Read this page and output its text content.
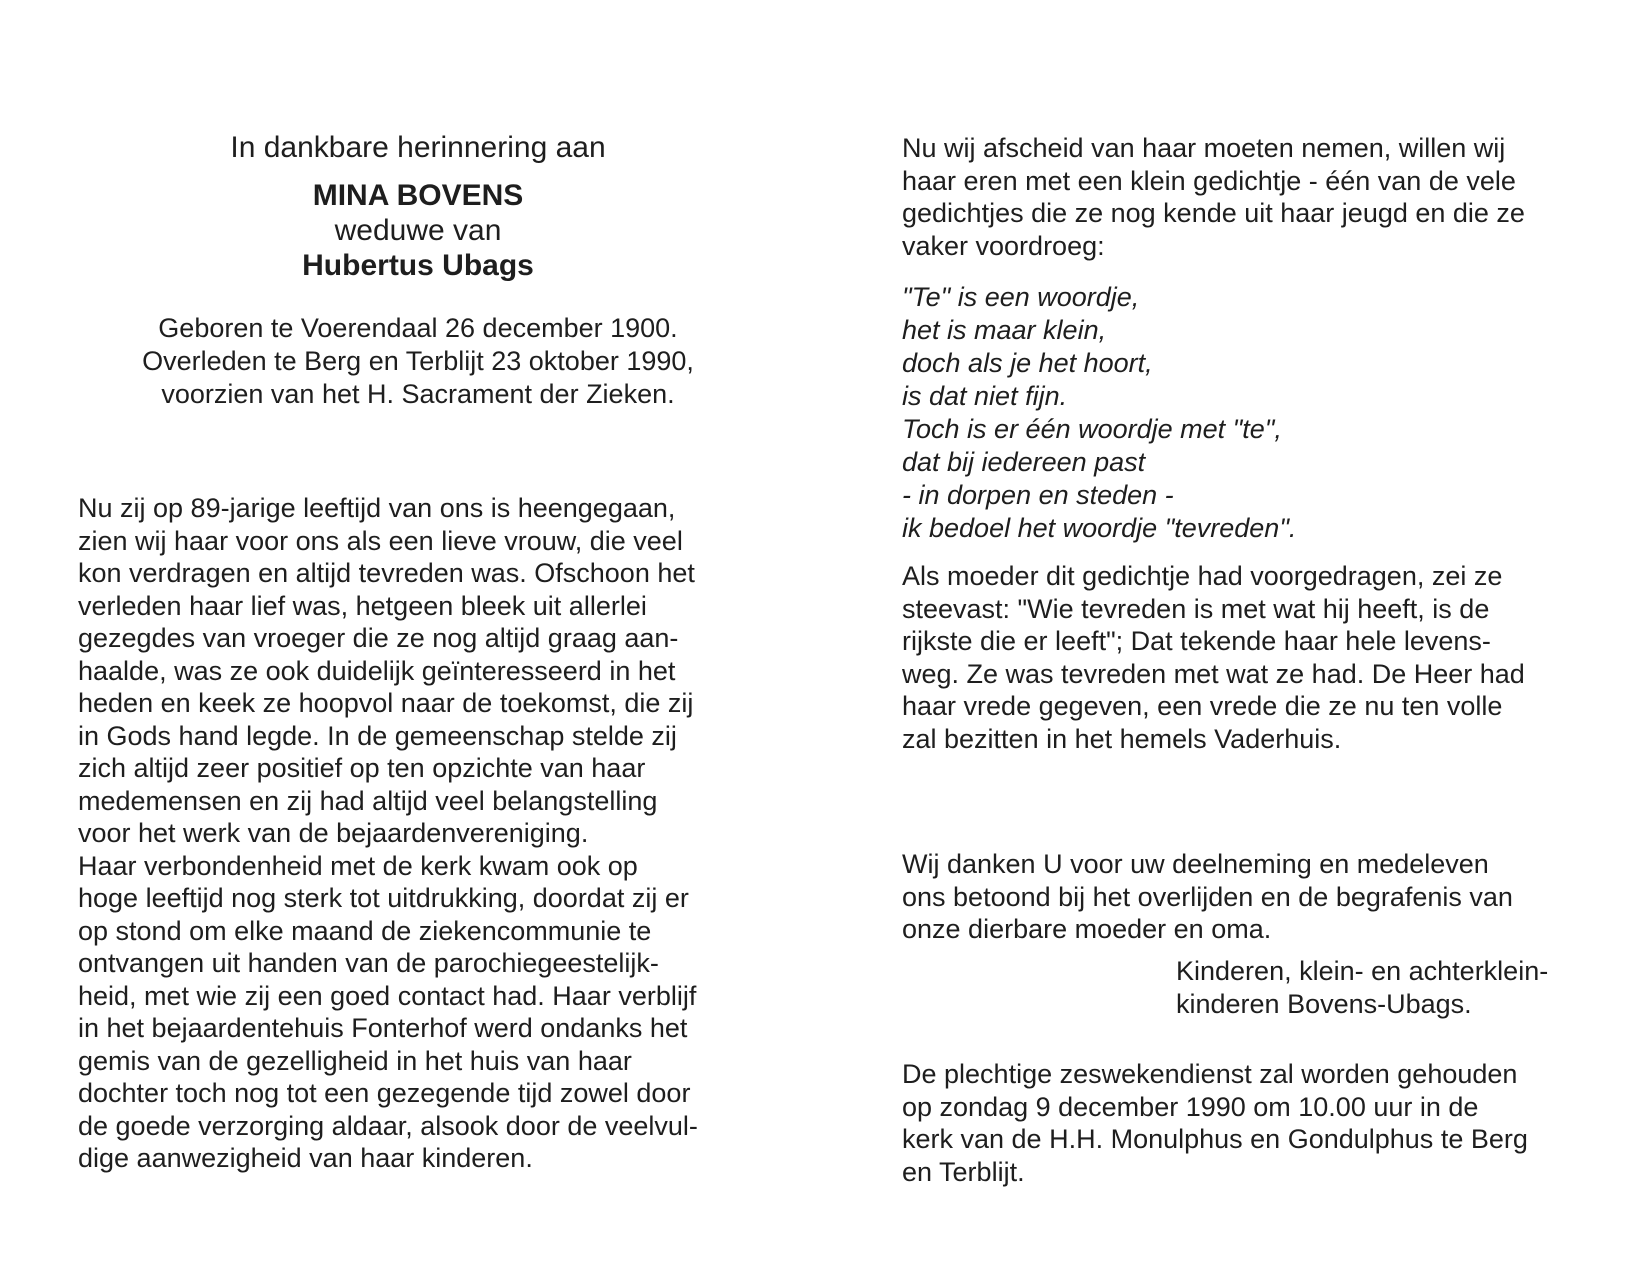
In dankbare herinnering aan

MINA BOVENS

weduwe van

Hubertus Ubags

Geboren te Voerendaal 26 december 1900.

Overleden te Berg en Terblijt 23 oktober 1990,

voorzien van het H. Sacrament der Zieken.

Nu zij op 89-jarige leeftijd van ons is heengegaan,
zien wij haar voor ons als een lieve vrouw, die veel
kon verdragen en altijd tevreden was. Ofschoon het
verleden haar lief was, hetgeen bleek uit allerlei
gezegdes van vroeger die ze nog altijd graag aan-
haalde, was ze ook duidelijk geïnteresseerd in het
heden en keek ze hoopvol naar de toekomst, die zij
in Gods hand legde. In de gemeenschap stelde zij
zich altijd zeer positief op ten opzichte van haar
medemensen en zij had altijd veel belangstelling
voor het werk van de bejaardenvereniging.
Haar verbondenheid met de kerk kwam ook op
hoge leeftijd nog sterk tot uitdrukking, doordat zij er
op stond om elke maand de ziekencommunie te
ontvangen uit handen van de parochiegeestelijk-
heid, met wie zij een goed contact had. Haar verblijf
in het bejaardentehuis Fonterhof werd ondanks het
gemis van de gezelligheid in het huis van haar
dochter toch nog tot een gezegende tijd zowel door
de goede verzorging aldaar, alsook door de veelvul-
dige aanwezigheid van haar kinderen.

Nu wij afscheid van haar moeten nemen, willen wij
haar eren met een klein gedichtje - één van de vele
gedichtjes die ze nog kende uit haar jeugd en die ze
vaker voordroeg:

"Te" is een woordje,

het is maar klein,

doch als je het hoort,

is dat niet fijn.

Toch is er één woordje met "te",

dat bij iedereen past

- in dorpen en steden -

ik bedoel het woordje "tevreden".

Als moeder dit gedichtje had voorgedragen, zei ze
steevast: "Wie tevreden is met wat hij heeft, is de
rijkste die er leeft"; Dat tekende haar hele levens-
weg. Ze was tevreden met wat ze had. De Heer had
haar vrede gegeven, een vrede die ze nu ten volle
zal bezitten in het hemels Vaderhuis.

Wij danken U voor uw deelneming en medeleven
ons betoond bij het overlijden en de begrafenis van
onze dierbare moeder en oma.

Kinderen, klein- en achterklein-
kinderen Bovens-Ubags.

De plechtige zeswekendienst zal worden gehouden
op zondag 9 december 1990 om 10.00 uur in de
kerk van de H.H. Monulphus en Gondulphus te Berg
en Terblijt.
